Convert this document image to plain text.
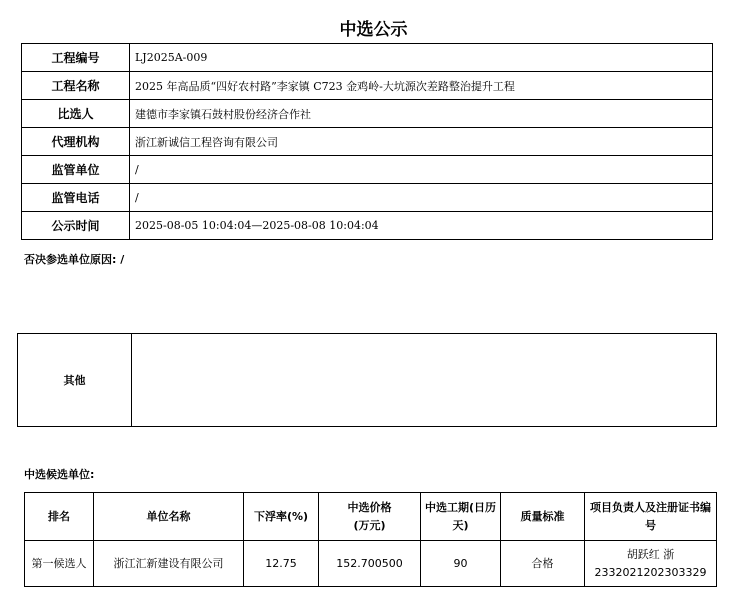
中选公示
工程编号	LJ2025A-009
工程名称	2025 年高品质“四好农村路”李家镇 C723 金鸡岭-大坑源次差路整治提升工程
比选人	建德市李家镇石鼓村股份经济合作社
代理机构	浙江新诚信工程咨询有限公司
监管单位	/
监管电话	/
公示时间	2025-08-05 10:04:04—2025-08-08 10:04:04
否决参选单位原因: /
其他	
中选候选单位:
排名	单位名称	下浮率(%)	中选价格
(万元)	中选工期(日历天)	质量标准	项目负责人及注册证书编号
第一候选人	浙江汇新建设有限公司	12.75	152.700500	90	合格	胡跃红 浙
2332021202303329
